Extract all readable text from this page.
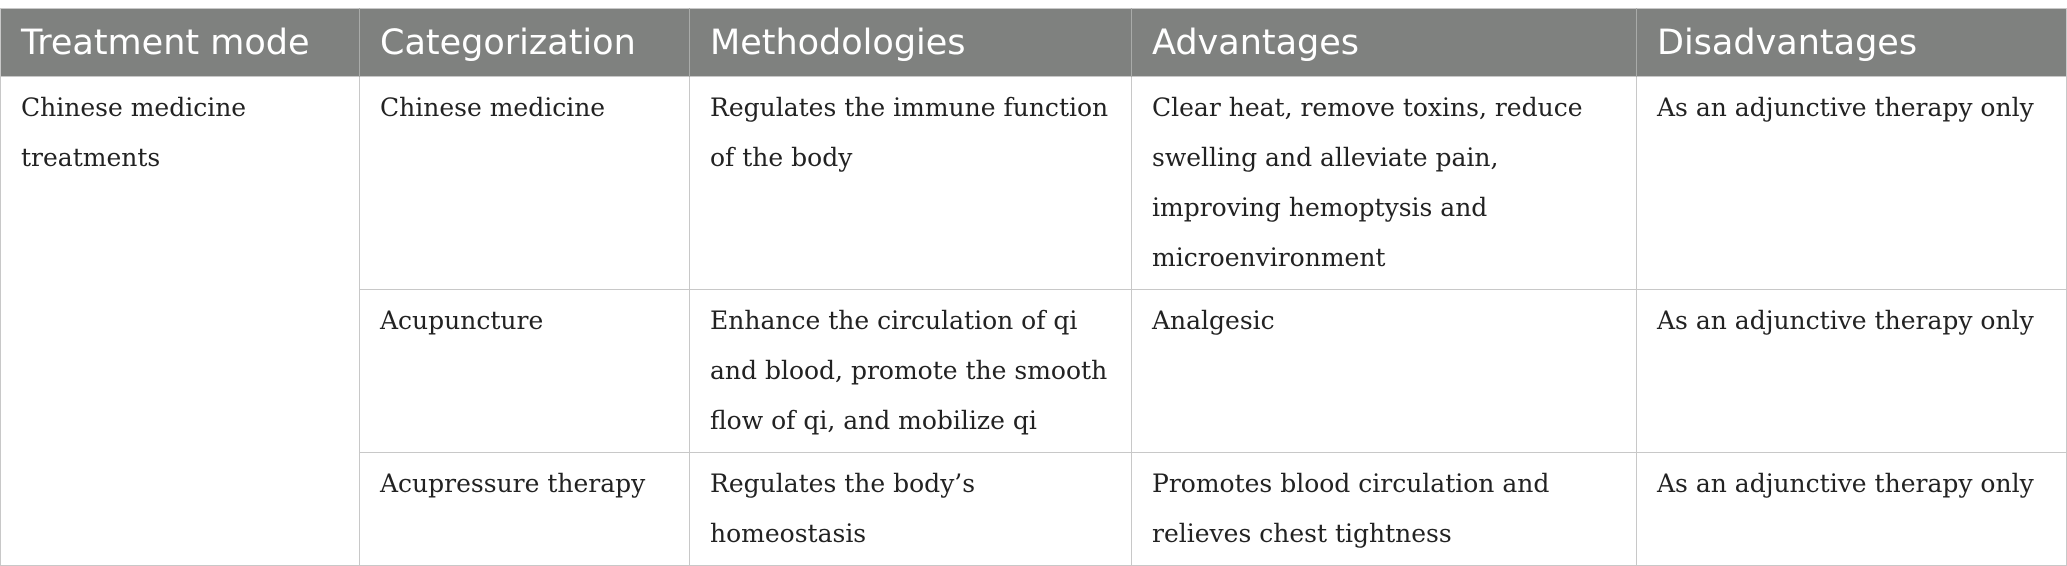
Treatment mode	Categorization	Methodologies	Advantages	Disadvantages
Chinese medicine treatments	Chinese medicine	Regulates the immune function of the body	Clear heat, remove toxins, reduce swelling and alleviate pain, improving hemoptysis and microenvironment	As an adjunctive therapy only
	Acupuncture	Enhance the circulation of qi and blood, promote the smooth flow of qi, and mobilize qi	Analgesic	As an adjunctive therapy only
	Acupressure therapy	Regulates the body’s homeostasis	Promotes blood circulation and relieves chest tightness	As an adjunctive therapy only
